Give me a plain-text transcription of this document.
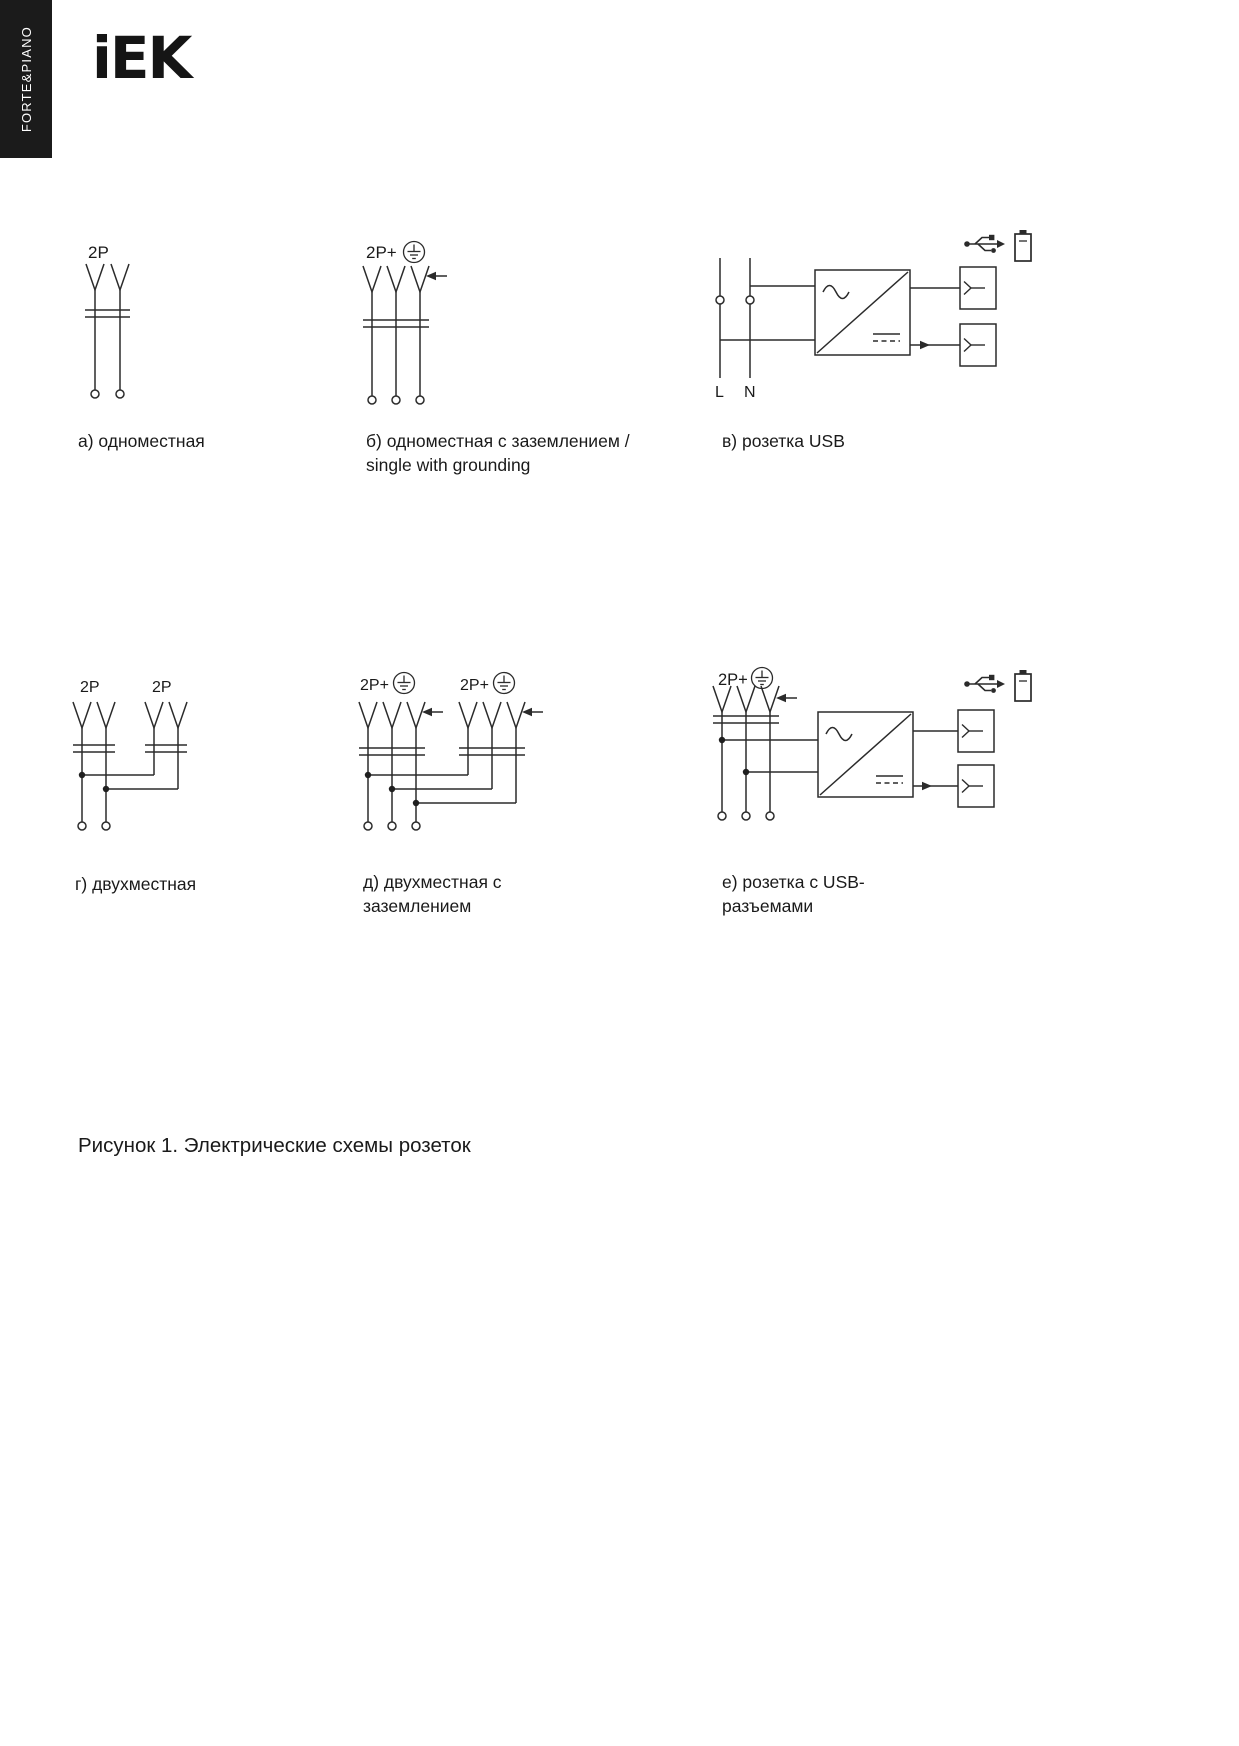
FORTE&PIANO iEK
2P	2P+
L N
а) одноместная	б) одноместная с заземлением / single with grounding
в) розетка USB
2P	2P	2P+	2P+	2P+
г) двухместная	д) двухместная с заземлением
е) розетка с USB-разъемами
Рисунок 1. Электрические схемы розеток
